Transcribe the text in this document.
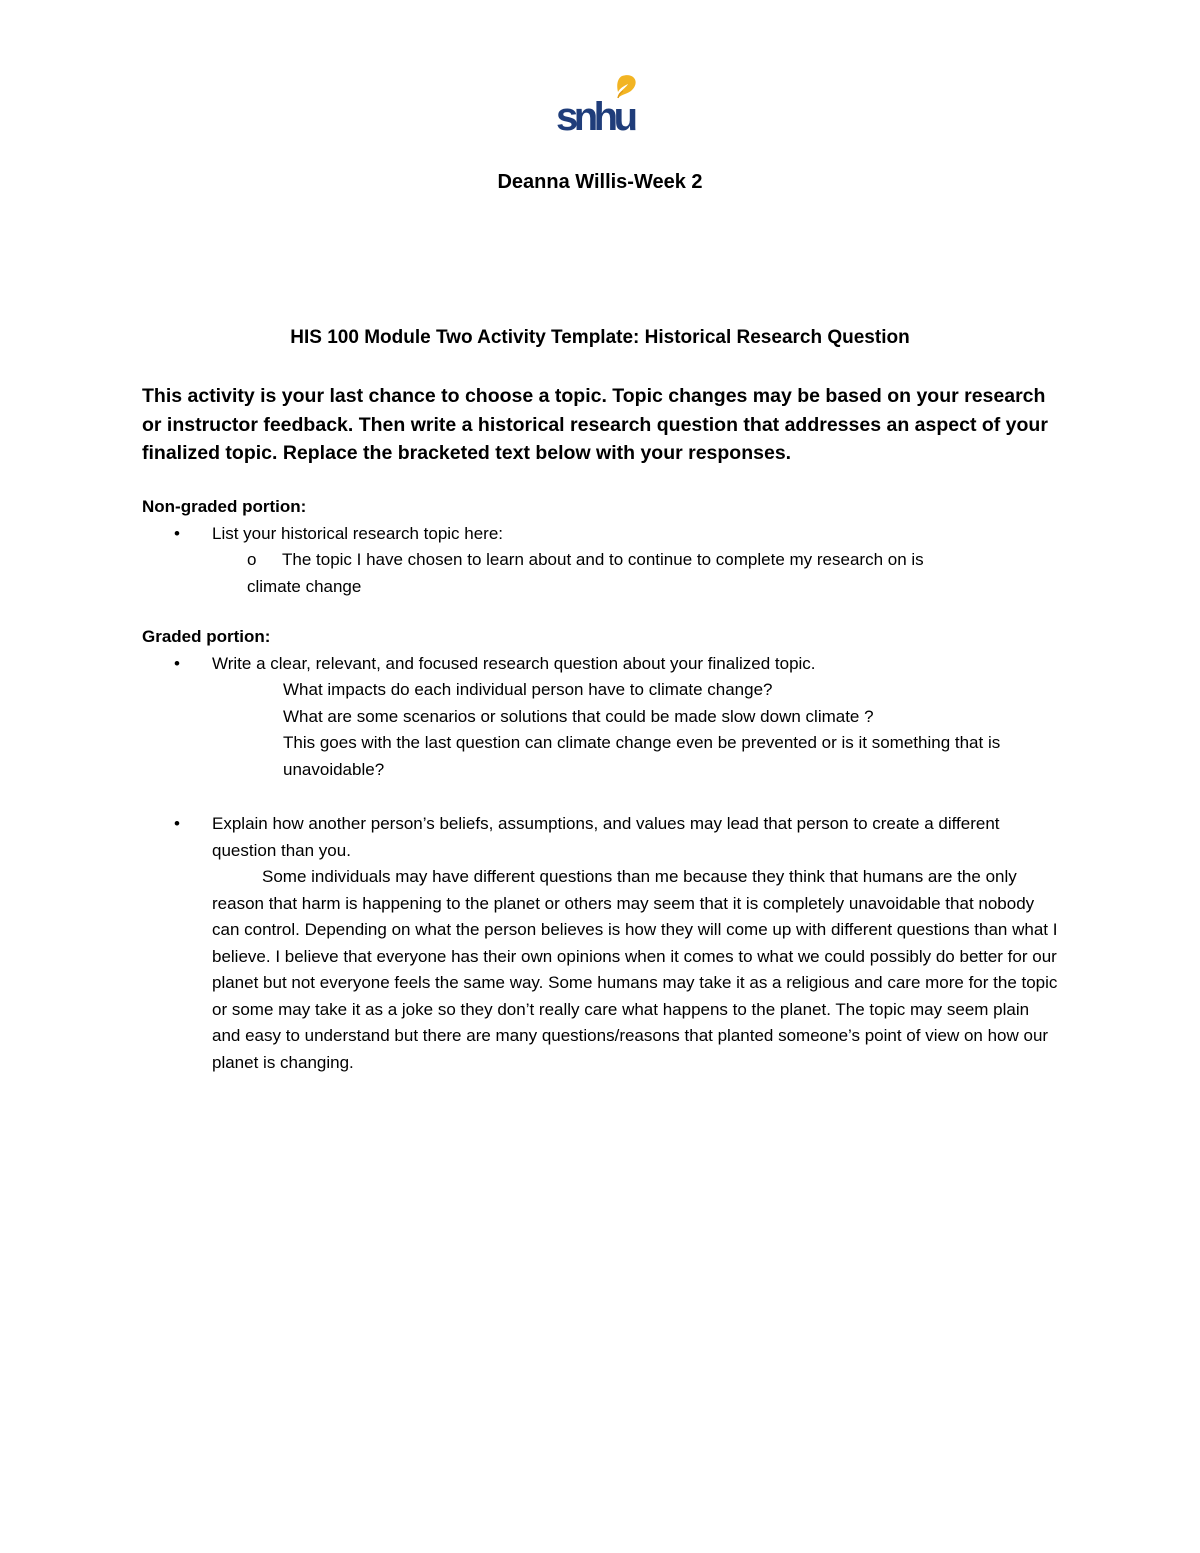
snhu
Deanna Willis-Week 2
HIS 100 Module Two Activity Template: Historical Research Question
This activity is your last chance to choose a topic. Topic changes may be based on your research or instructor feedback. Then write a historical research question that addresses an aspect of your finalized topic. Replace the bracketed text below with your responses.

Non-graded portion:

• List your historical research topic here:
o The topic I have chosen to learn about and to continue to complete my research on is
climate change

Graded portion:

• Write a clear, relevant, and focused research question about your finalized topic.
What impacts do each individual person have to climate change?
What are some scenarios or solutions that could be made slow down climate ?
This goes with the last question can climate change even be prevented or is it something that is unavoidable?
• Explain how another person’s beliefs, assumptions, and values may lead that person to create a different question than you.
Some individuals may have different questions than me because they think that humans are the only reason that harm is happening to the planet or others may seem that it is completely unavoidable that nobody can control. Depending on what the person believes is how they will come up with different questions than what I believe. I believe that everyone has their own opinions when it comes to what we could possibly do better for our planet but not everyone feels the same way. Some humans may take it as a religious and care more for the topic or some may take it as a joke so they don’t really care what happens to the planet. The topic may seem plain and easy to understand but there are many questions/reasons that planted someone’s point of view on how our planet is changing.
